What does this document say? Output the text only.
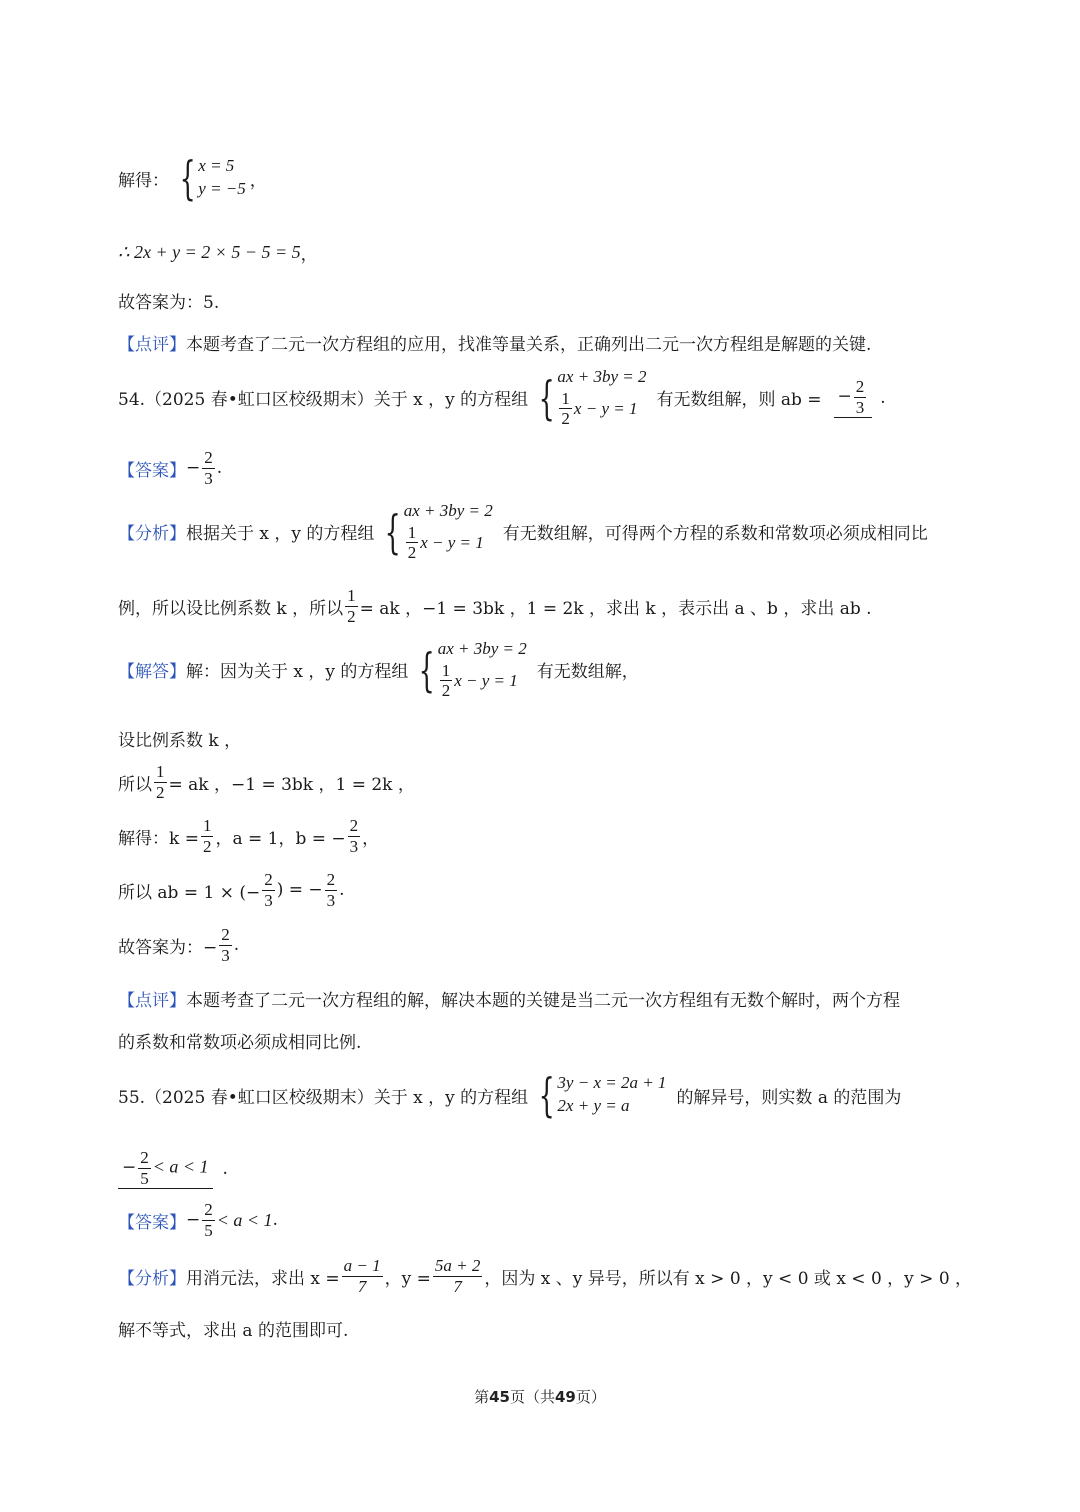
解得： { x = 5
y = −5 ，
∴ 2x + y = 2 × 5 − 5 = 5 ，
故答案为：5.
【点评】本题考查了二元一次方程组的应用，找准等量关系，正确列出二元一次方程组是解题的关键.
54.（2025 春•虹口区校级期末）关于 x ，y 的方程组 { ax + 3by = 2
$\frac{1}{2}$ x − y = 1 有无数组解，则 ab = − $\frac{2}{3}$ .
【答案】 − $\frac{2}{3}$ .
【分析】 根据关于 x ，y 的方程组 { ax + 3by = 2
$\frac{1}{2}$ x − y = 1 有无数组解，可得两个方程的系数和常数项必须成相同比
例，所以设比例系数 k ，所以 $\frac{1}{2}$ = ak ，−1 = 3bk ，1 = 2k ，求出 k ，表示出 a 、b ，求出 ab .
【解答】 解：因为关于 x ，y 的方程组 { ax + 3by = 2
$\frac{1}{2}$ x − y = 1 有无数组解，
设比例系数 k ，
所以 $\frac{1}{2}$ = ak ，−1 = 3bk ，1 = 2k ，
解得：$k = \frac{1}{2}$ ，a = 1，b = − $\frac{2}{3}$ ，
所以 ab = 1 × (− $\frac{2}{3}$ ) = − $\frac{2}{3}$ .
故答案为：− $\frac{2}{3}$ .
【点评】本题考查了二元一次方程组的解，解决本题的关键是当二元一次方程组有无数个解时，两个方程
的系数和常数项必须成相同比例.
55.（2025 春•虹口区校级期末）关于 x ，y 的方程组 { 3y − x = 2a + 1
2x + y = a	的解异号，则实数 a 的范围为
− $\frac{2}{5} < a < 1$ .
【答案】 − $\frac{2}{5} < a < 1$ .
【分析】 用消元法，求出 $x = \frac{a - 1}{7}$ ，$y = \frac{5a + 2}{7}$ ，因为 x 、y 异号，所以有 x > 0 ，y < 0 或 x < 0 ，y > 0 ，
解不等式，求出 a 的范围即可.
第45页（共49页）
